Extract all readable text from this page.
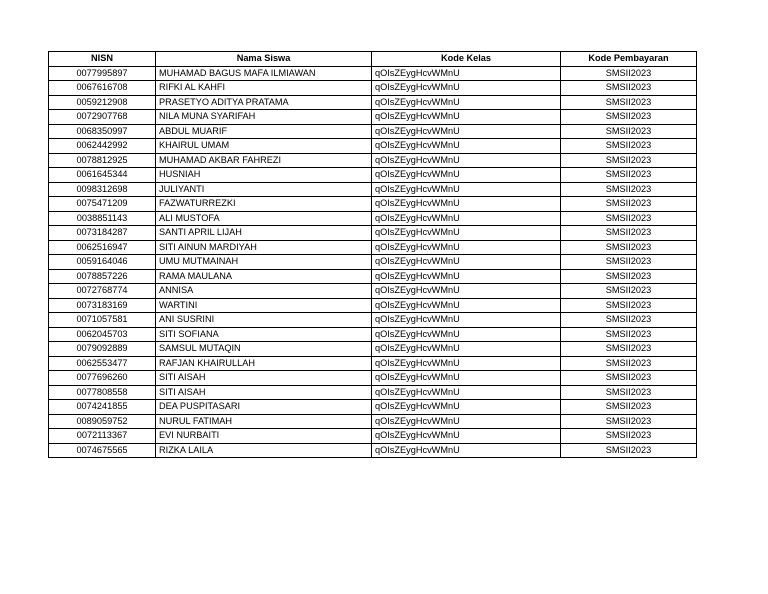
NISN	Nama Siswa	Kode Kelas	Kode Pembayaran
0077995897	MUHAMAD BAGUS MAFA ILMIAWAN	qOIsZEygHcvWMnU	SMSII2023
0067616708	RIFKI AL KAHFI	qOIsZEygHcvWMnU	SMSII2023
0059212908	PRASETYO ADITYA PRATAMA	qOIsZEygHcvWMnU	SMSII2023
0072907768	NILA MUNA SYARIFAH	qOIsZEygHcvWMnU	SMSII2023
0068350997	ABDUL MUARIF	qOIsZEygHcvWMnU	SMSII2023
0062442992	KHAIRUL UMAM	qOIsZEygHcvWMnU	SMSII2023
0078812925	MUHAMAD AKBAR FAHREZI	qOIsZEygHcvWMnU	SMSII2023
0061645344	HUSNIAH	qOIsZEygHcvWMnU	SMSII2023
0098312698	JULIYANTI	qOIsZEygHcvWMnU	SMSII2023
0075471209	FAZWATURREZKI	qOIsZEygHcvWMnU	SMSII2023
0038851143	ALI MUSTOFA	qOIsZEygHcvWMnU	SMSII2023
0073184287	SANTI APRIL LIJAH	qOIsZEygHcvWMnU	SMSII2023
0062516947	SITI AINUN MARDIYAH	qOIsZEygHcvWMnU	SMSII2023
0059164046	UMU MUTMAINAH	qOIsZEygHcvWMnU	SMSII2023
0078857226	RAMA MAULANA	qOIsZEygHcvWMnU	SMSII2023
0072768774	ANNISA	qOIsZEygHcvWMnU	SMSII2023
0073183169	WARTINI	qOIsZEygHcvWMnU	SMSII2023
0071057581	ANI SUSRINI	qOIsZEygHcvWMnU	SMSII2023
0062045703	SITI SOFIANA	qOIsZEygHcvWMnU	SMSII2023
0079092889	SAMSUL MUTAQIN	qOIsZEygHcvWMnU	SMSII2023
0062553477	RAFJAN KHAIRULLAH	qOIsZEygHcvWMnU	SMSII2023
0077696260	SITI AISAH	qOIsZEygHcvWMnU	SMSII2023
0077808558	SITI AISAH	qOIsZEygHcvWMnU	SMSII2023
0074241855	DEA PUSPITASARI	qOIsZEygHcvWMnU	SMSII2023
0089059752	NURUL FATIMAH	qOIsZEygHcvWMnU	SMSII2023
0072113367	EVI NURBAITI	qOIsZEygHcvWMnU	SMSII2023
0074675565	RIZKA LAILA	qOIsZEygHcvWMnU	SMSII2023
